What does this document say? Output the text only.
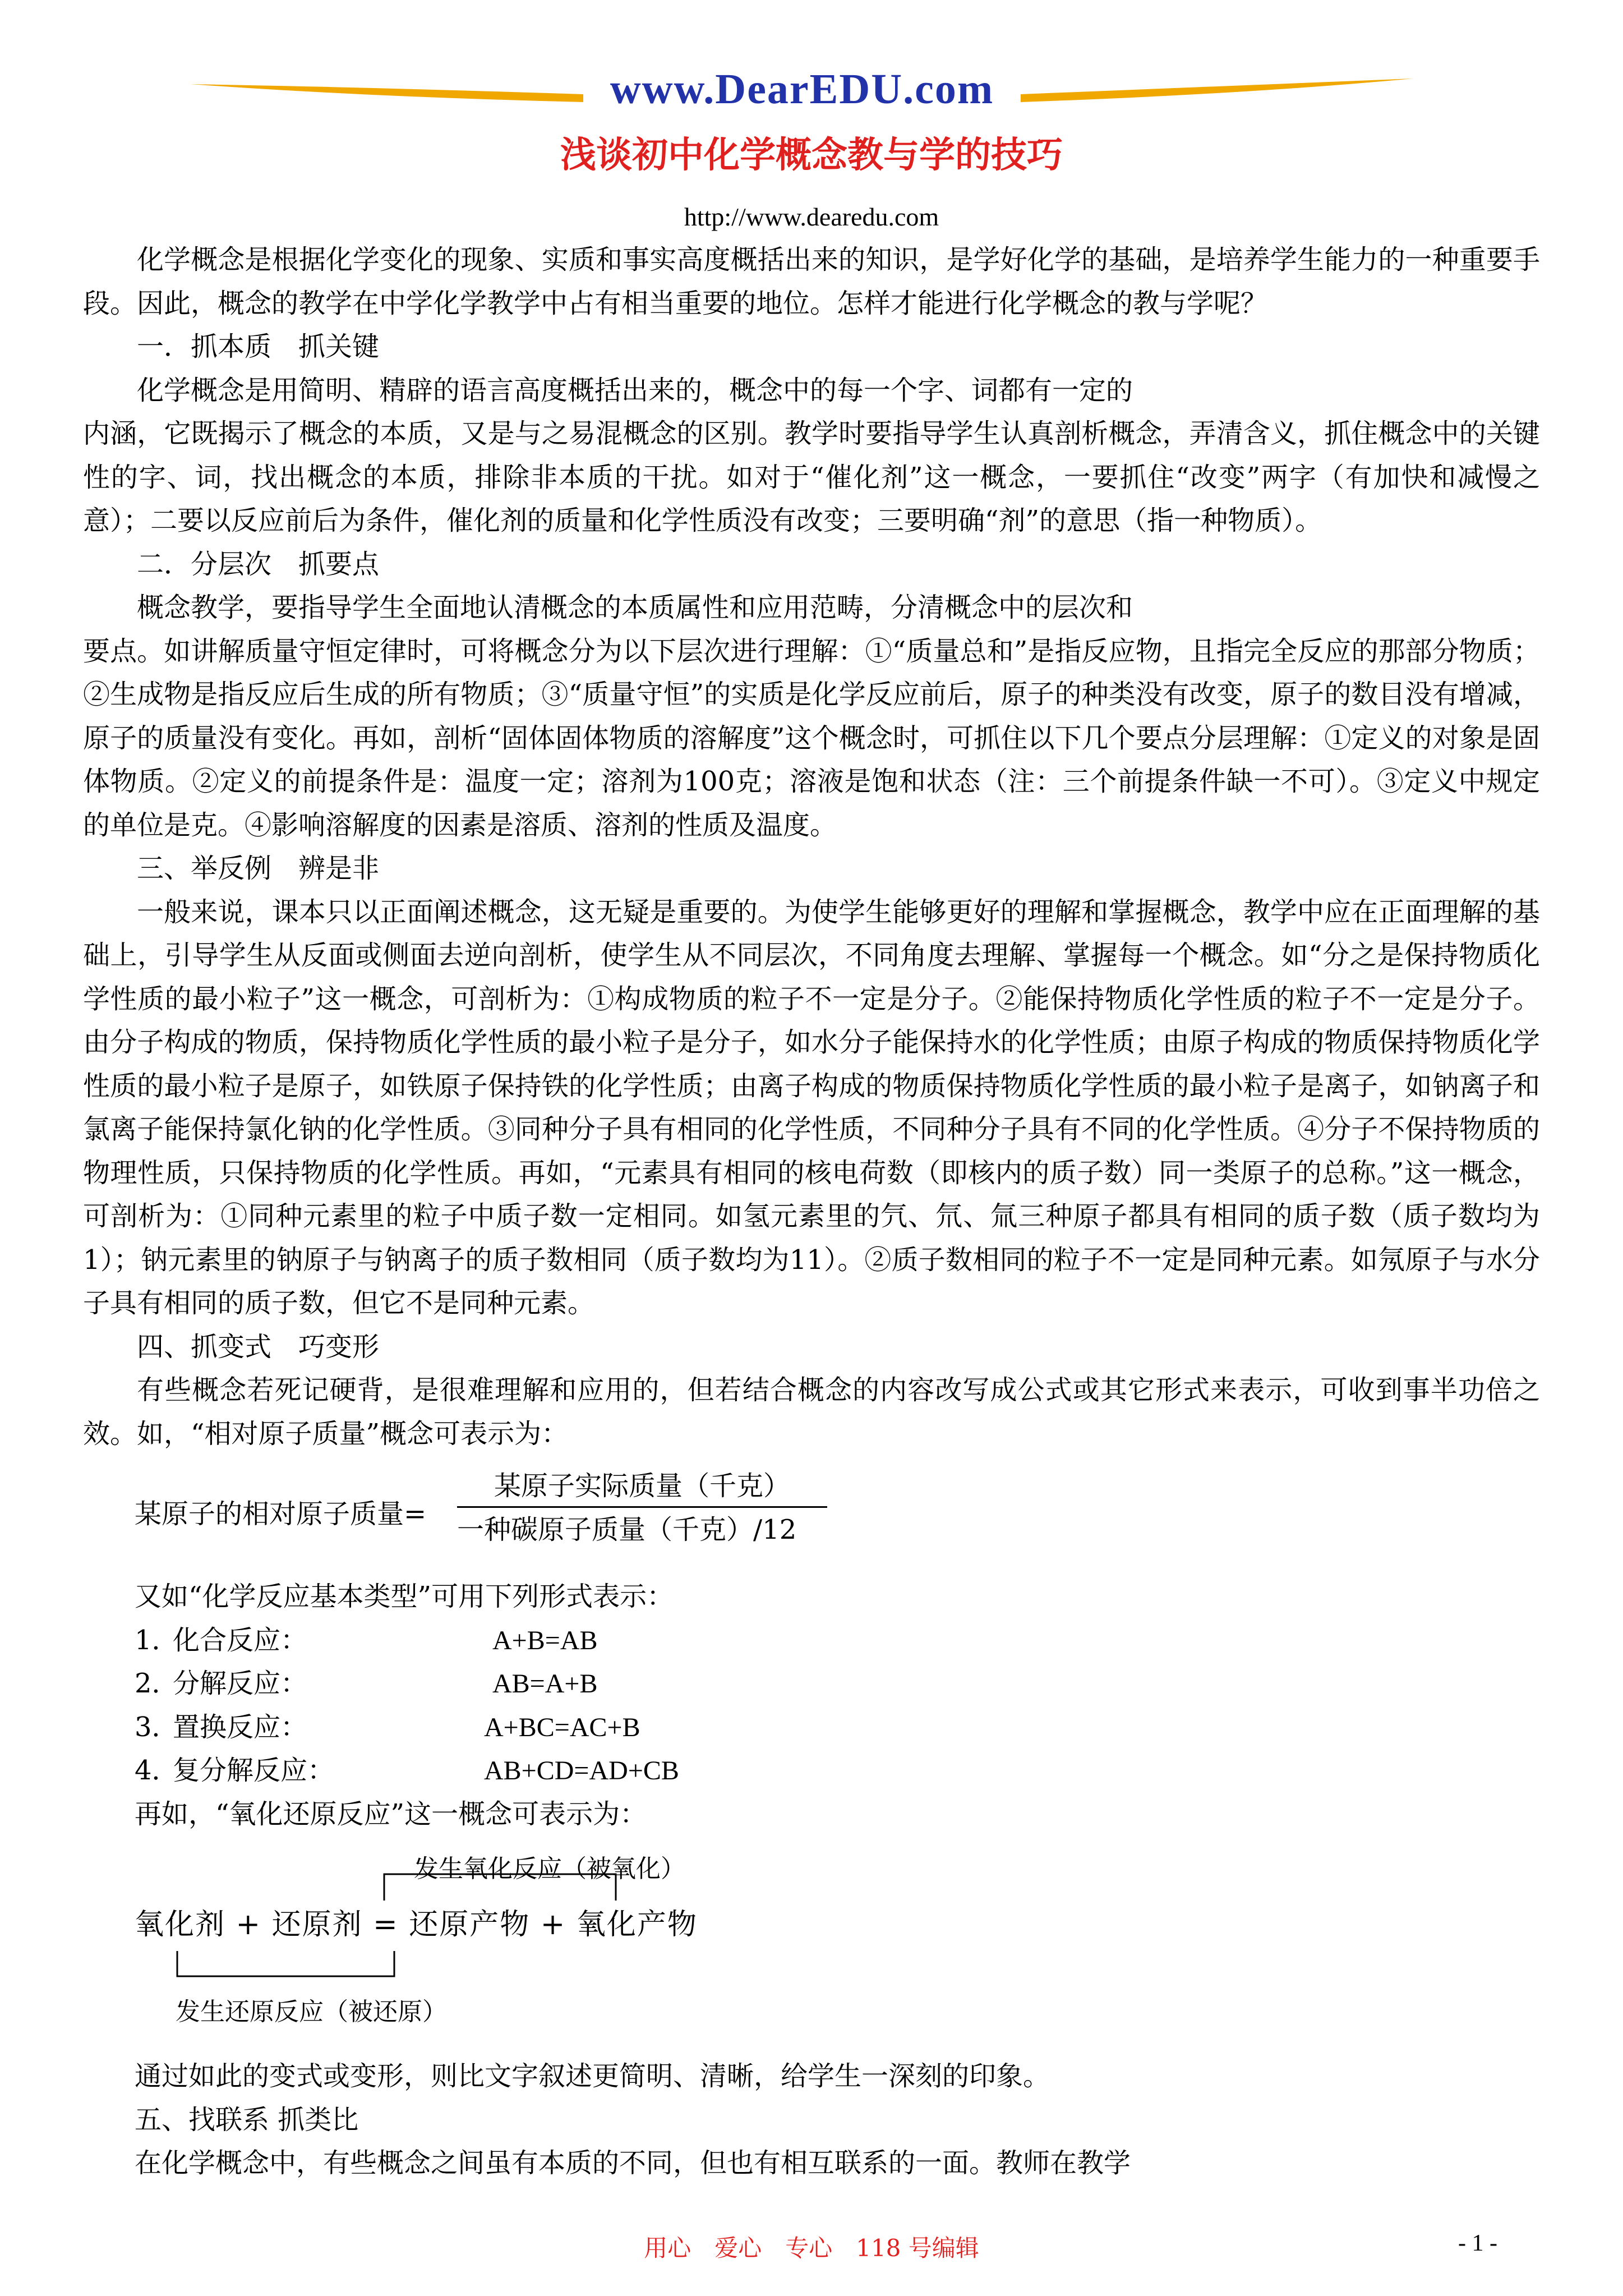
www.DearEDU.com
浅谈初中化学概念教与学的技巧
http://www.dearedu.com

化学概念是根据化学变化的现象、实质和事实高度概括出来的知识，是学好化学的基础，是培养学生能力的一种重要手段。因此，概念的教学在中学化学教学中占有相当重要的地位。怎样才能进行化学概念的教与学呢？

一．抓本质　抓关键

化学概念是用简明、精辟的语言高度概括出来的，概念中的每一个字、词都有一定的

内涵，它既揭示了概念的本质，又是与之易混概念的区别。教学时要指导学生认真剖析概念，弄清含义，抓住概念中的关键性的字、词，找出概念的本质，排除非本质的干扰。如对于“催化剂”这一概念，一要抓住“改变”两字（有加快和减慢之意）；二要以反应前后为条件，催化剂的质量和化学性质没有改变；三要明确“剂”的意思（指一种物质）。

二．分层次　抓要点

概念教学，要指导学生全面地认清概念的本质属性和应用范畴，分清概念中的层次和

要点。如讲解质量守恒定律时，可将概念分为以下层次进行理解：①“质量总和”是指反应物，且指完全反应的那部分物质；②生成物是指反应后生成的所有物质；③“质量守恒”的实质是化学反应前后，原子的种类没有改变，原子的数目没有增减，原子的质量没有变化。再如，剖析“固体固体物质的溶解度”这个概念时，可抓住以下几个要点分层理解：①定义的对象是固体物质。②定义的前提条件是：温度一定；溶剂为100克；溶液是饱和状态（注：三个前提条件缺一不可）。③定义中规定的单位是克。④影响溶解度的因素是溶质、溶剂的性质及温度。

三、举反例　辨是非

一般来说，课本只以正面阐述概念，这无疑是重要的。为使学生能够更好的理解和掌握概念，教学中应在正面理解的基础上，引导学生从反面或侧面去逆向剖析，使学生从不同层次，不同角度去理解、掌握每一个概念。如“分之是保持物质化学性质的最小粒子”这一概念，可剖析为：①构成物质的粒子不一定是分子。②能保持物质化学性质的粒子不一定是分子。由分子构成的物质，保持物质化学性质的最小粒子是分子，如水分子能保持水的化学性质；由原子构成的物质保持物质化学性质的最小粒子是原子，如铁原子保持铁的化学性质；由离子构成的物质保持物质化学性质的最小粒子是离子，如钠离子和氯离子能保持氯化钠的化学性质。③同种分子具有相同的化学性质，不同种分子具有不同的化学性质。④分子不保持物质的物理性质，只保持物质的化学性质。再如，“元素具有相同的核电荷数（即核内的质子数）同一类原子的总称。”这一概念，可剖析为：①同种元素里的粒子中质子数一定相同。如氢元素里的氕、氘、氚三种原子都具有相同的质子数（质子数均为1）；钠元素里的钠原子与钠离子的质子数相同（质子数均为11）。②质子数相同的粒子不一定是同种元素。如氖原子与水分子具有相同的质子数，但它不是同种元素。

四、抓变式　巧变形

有些概念若死记硬背，是很难理解和应用的，但若结合概念的内容改写成公式或其它形式来表示，可收到事半功倍之效。如，“相对原子质量”概念可表示为：

某原子的相对原子质量=
某原子实际质量（千克）
一种碳原子质量（千克）/12

又如“化学反应基本类型”可用下列形式表示：

1．
化合反应：	A+B=AB
2．
分解反应：	AB=A+B
3．
置换反应：	A+BC=AC+B
4．
复分解反应：	AB+CD=AD+CB

再如，“氧化还原反应”这一概念可表示为：

发生氧化反应（被氧化）
氧化剂 + 还原剂 = 还原产物 + 氧化产物
发生还原反应（被还原）

通过如此的变式或变形，则比文字叙述更简明、清晰，给学生一深刻的印象。

五、找联系 抓类比

在化学概念中，有些概念之间虽有本质的不同，但也有相互联系的一面。教师在教学

用心　爱心　专心　118 号编辑	- 1 -
